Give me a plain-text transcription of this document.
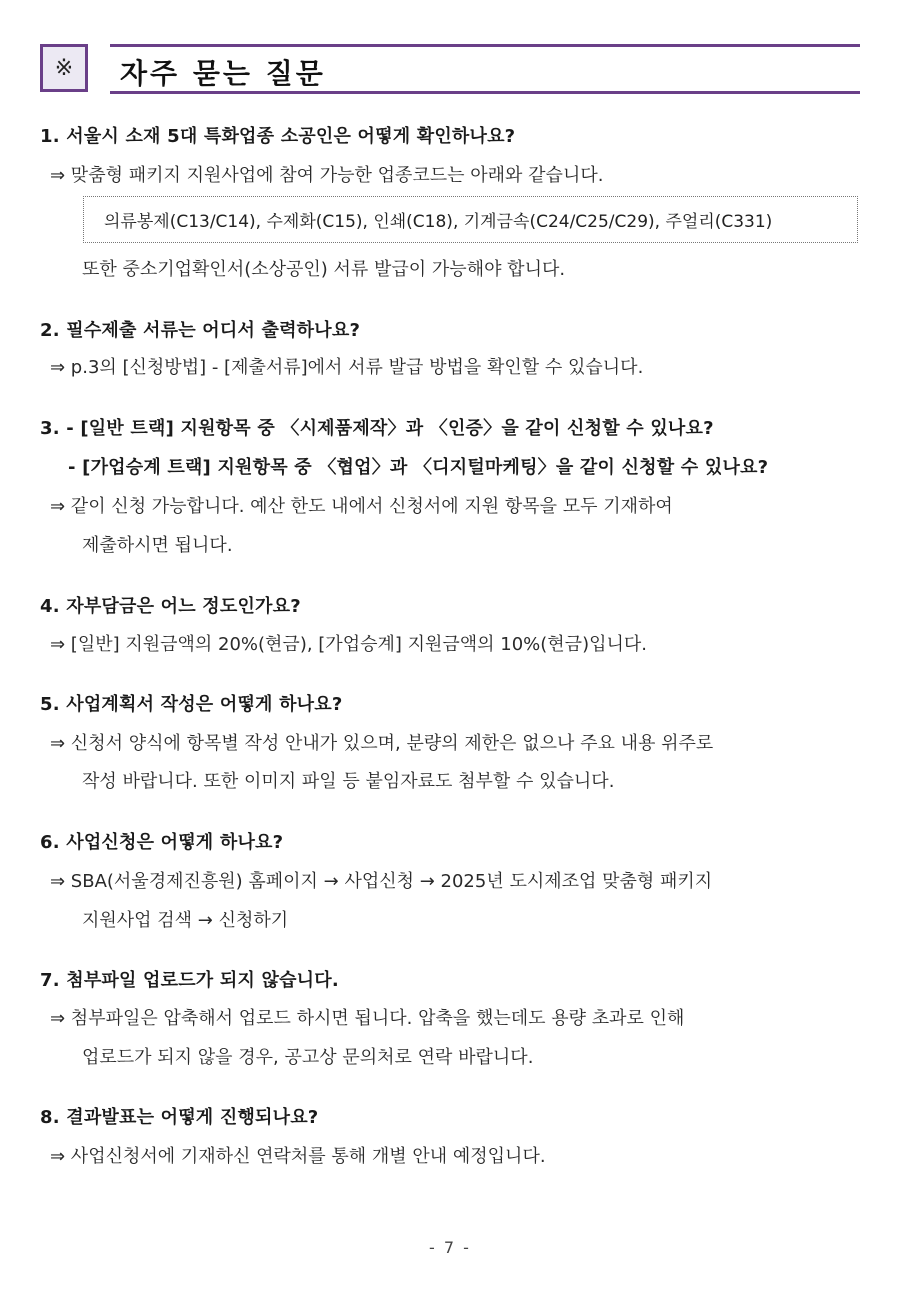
※ 자주 묻는 질문
1. 서울시 소재 5대 특화업종 소공인은 어떻게 확인하나요?
⇒ 맞춤형 패키지 지원사업에 참여 가능한 업종코드는 아래와 같습니다.
의류봉제(C13/C14), 수제화(C15), 인쇄(C18), 기계금속(C24/C25/C29), 주얼리(C331)
또한 중소기업확인서(소상공인) 서류 발급이 가능해야 합니다.
2. 필수제출 서류는 어디서 출력하나요?
⇒ p.3의 [신청방법] - [제출서류]에서 서류 발급 방법을 확인할 수 있습니다.
3. - [일반 트랙] 지원항목 중 〈시제품제작〉과 〈인증〉을 같이 신청할 수 있나요?
- [가업승계 트랙] 지원항목 중 〈협업〉과 〈디지털마케팅〉을 같이 신청할 수 있나요?
⇒ 같이 신청 가능합니다. 예산 한도 내에서 신청서에 지원 항목을 모두 기재하여
제출하시면 됩니다.
4. 자부담금은 어느 정도인가요?
⇒ [일반] 지원금액의 20%(현금), [가업승계] 지원금액의 10%(현금)입니다.
5. 사업계획서 작성은 어떻게 하나요?
⇒ 신청서 양식에 항목별 작성 안내가 있으며, 분량의 제한은 없으나 주요 내용 위주로
작성 바랍니다. 또한 이미지 파일 등 붙임자료도 첨부할 수 있습니다.
6. 사업신청은 어떻게 하나요?
⇒ SBA(서울경제진흥원) 홈페이지 → 사업신청 → 2025년 도시제조업 맞춤형 패키지
지원사업 검색 → 신청하기
7. 첨부파일 업로드가 되지 않습니다.
⇒ 첨부파일은 압축해서 업로드 하시면 됩니다. 압축을 했는데도 용량 초과로 인해
업로드가 되지 않을 경우, 공고상 문의처로 연락 바랍니다.
8. 결과발표는 어떻게 진행되나요?
⇒ 사업신청서에 기재하신 연락처를 통해 개별 안내 예정입니다.
- 7 -
